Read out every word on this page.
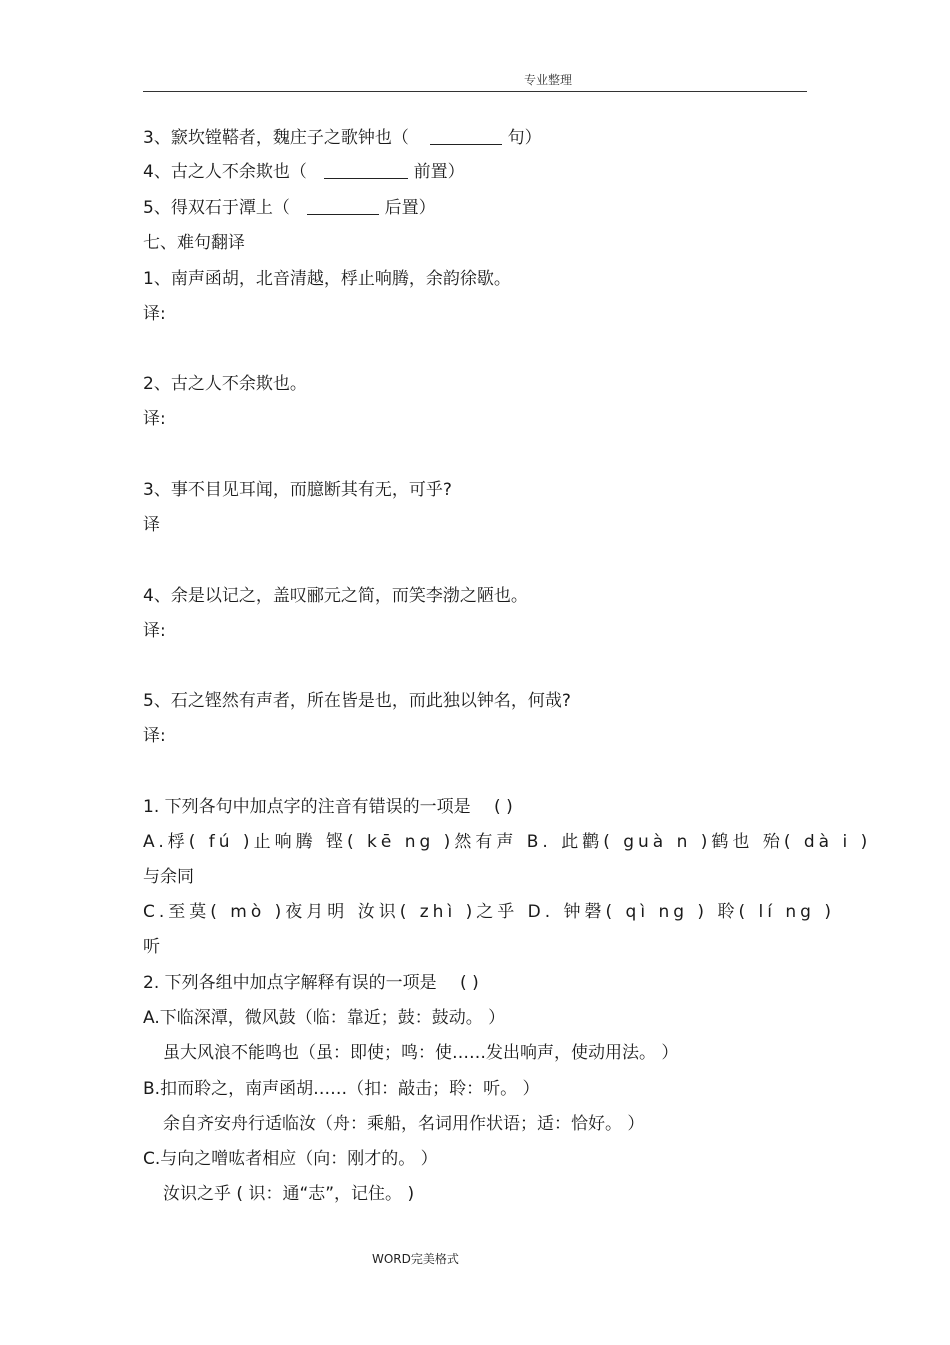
专业整理
3、窾坎镗鞳者，魏庄子之歌钟也（	句）
4、古之人不余欺也（	前置）
5、得双石于潭上（	后置）
七、难句翻译
1、南声函胡，北音清越，桴止响腾，余韵徐歇。
译:
2、古之人不余欺也。
译:
3、事不目见耳闻，而臆断其有无，可乎?
译
4、余是以记之，盖叹郦元之简，而笑李渤之陋也。
译:
5、石之铿然有声者，所在皆是也，而此独以钟名，何哉?
译:
1. 下列各句中加点字的注音有错误的一项是 ( )
A.桴( fú )止响腾 铿( kē ng )然有声 B. 此鹳( guà n )鹤也 殆( dà i )
与余同
C.至莫( mò )夜月明 汝识( zhì )之乎 D. 钟磬( qì ng ) 聆( lí ng )
听
2. 下列各组中加点字解释有误的一项是 ( )
A.下临深潭，微风鼓（临：靠近；鼓：鼓动。 ）
虽大风浪不能鸣也（虽：即使；鸣：使……发出响声，使动用法。 ）
B.扣而聆之，南声函胡……（扣：敲击；聆：听。 ）
余自齐安舟行适临汝（舟：乘船，名词用作状语；适：恰好。 ）
C.与向之噌吰者相应（向：刚才的。 ）
汝识之乎 ( 识：通“志”，记住。 )
WORD完美格式
